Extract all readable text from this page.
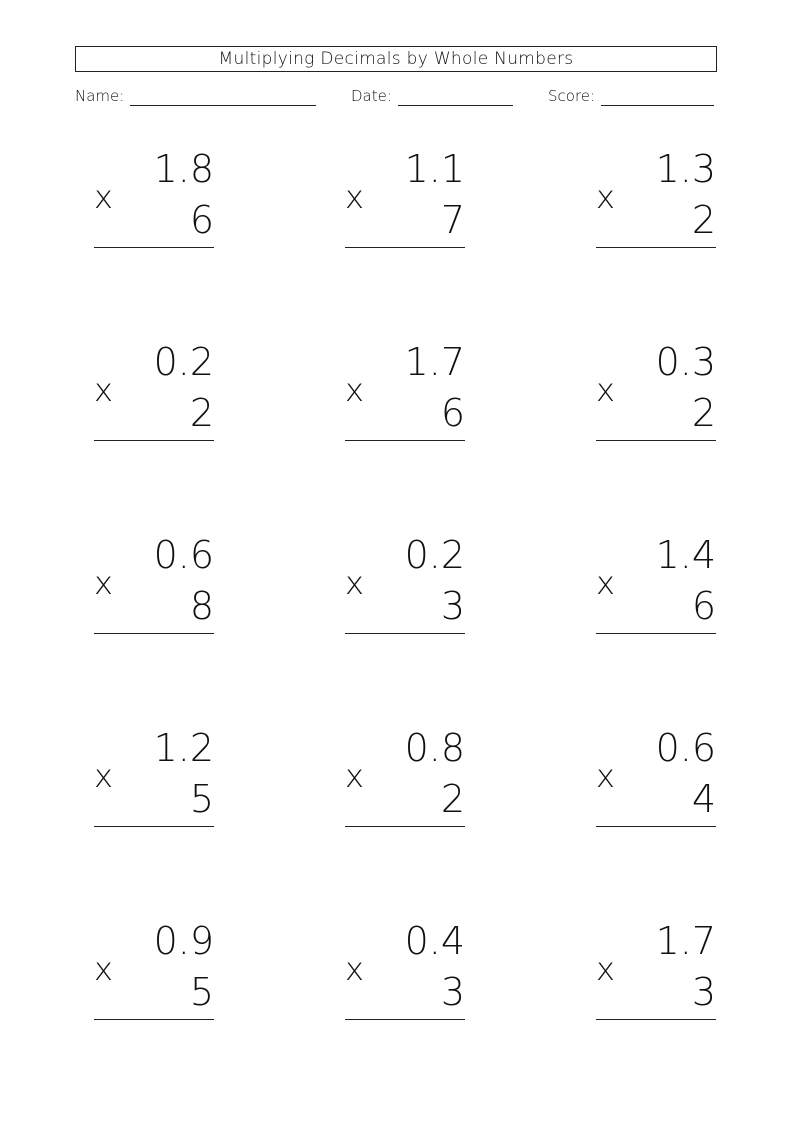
Multiplying Decimals by Whole Numbers
Name:	Date:	Score:
x
1.8
6
x
1.1
7
x
1.3
2
x
0.2
2
x
1.7
6
x
0.3
2
x
0.6
8
x
0.2
3
x
1.4
6
x
1.2
5
x
0.8
2
x
0.6
4
x
0.9
5
x
0.4
3
x
1.7
3
